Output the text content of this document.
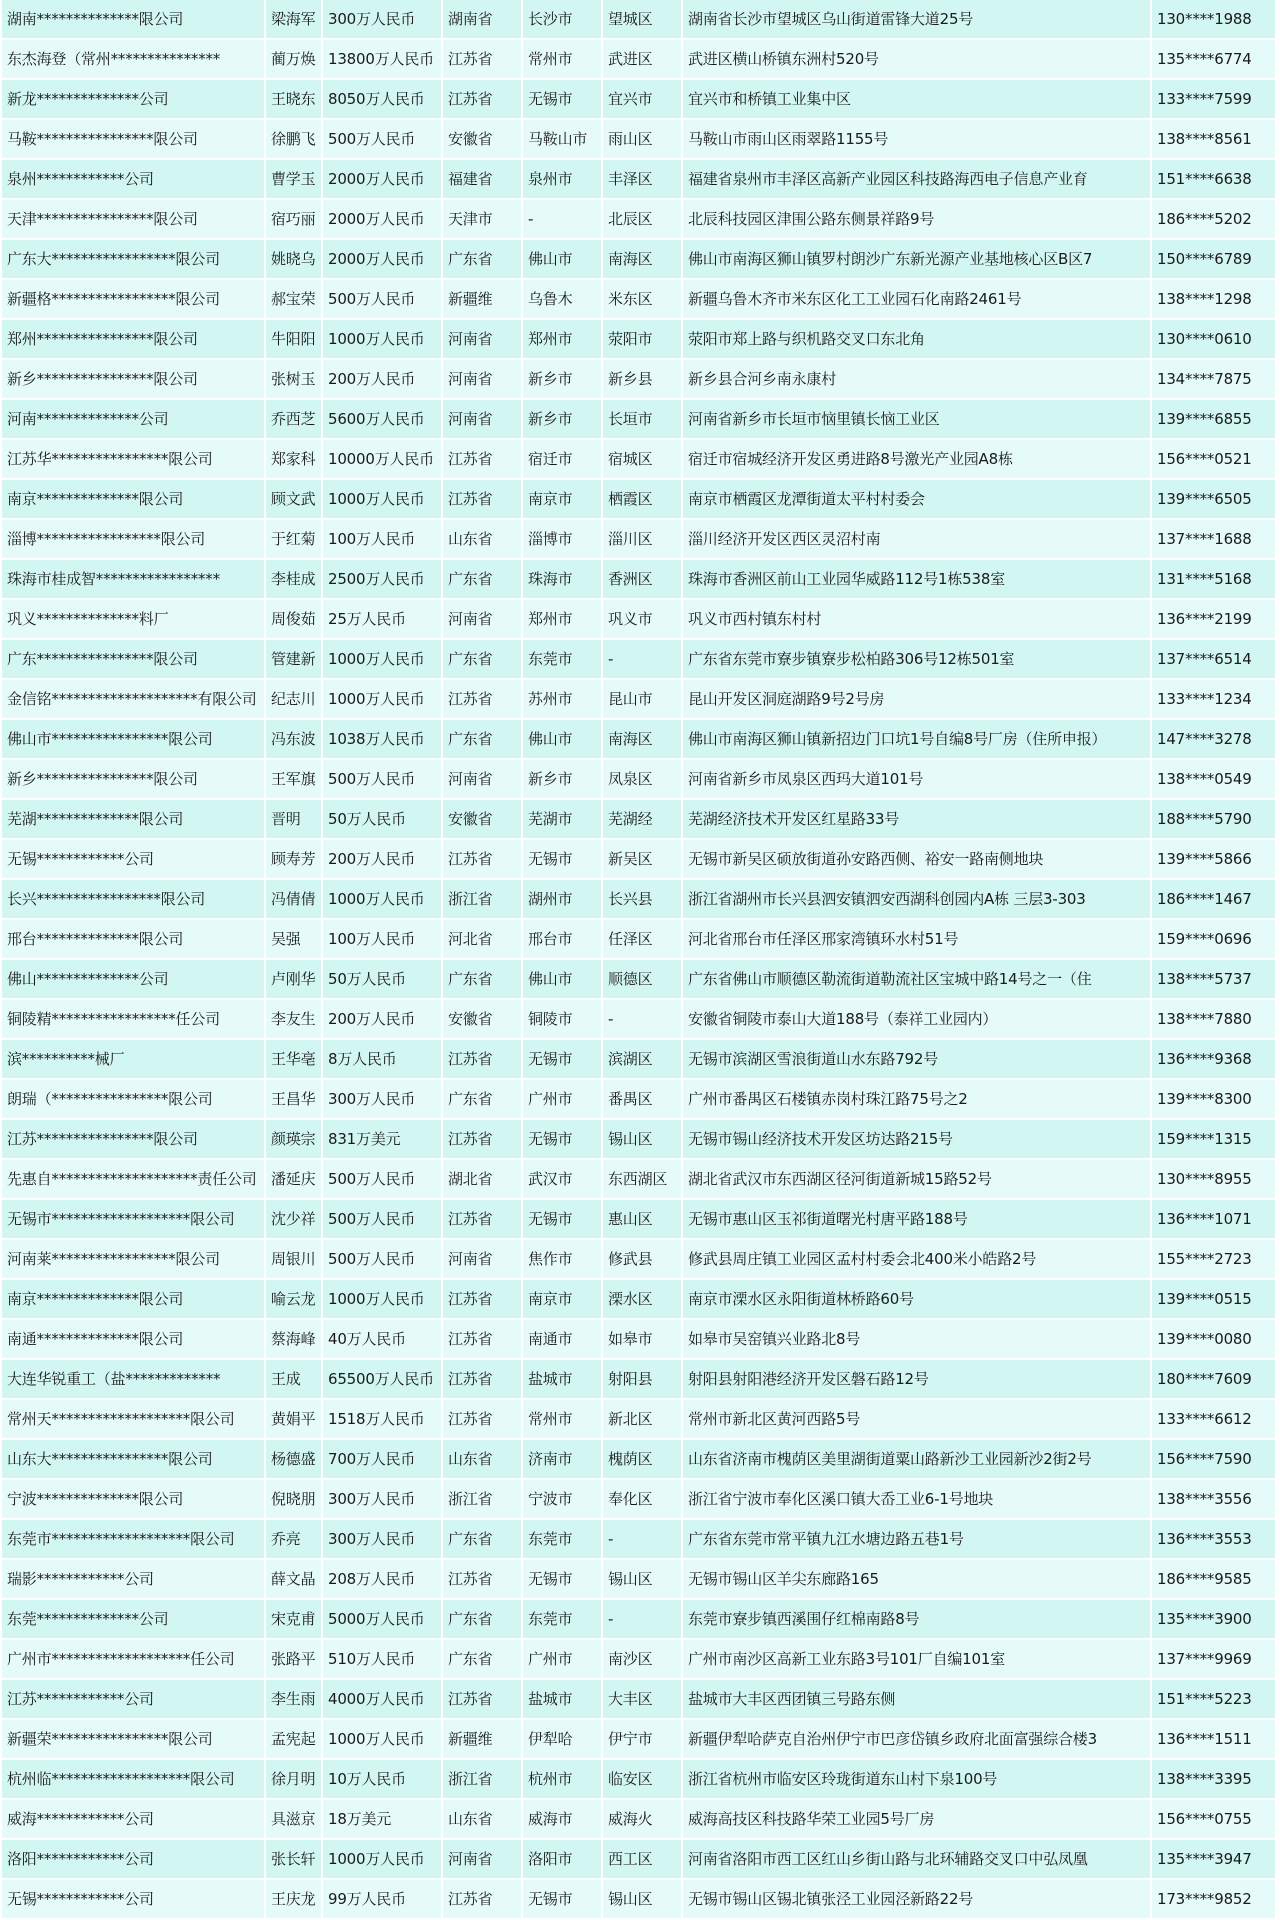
湖南**************限公司	梁海军	300万人民币	湖南省	长沙市	望城区	湖南省长沙市望城区乌山街道雷锋大道25号	130****1988
东杰海登（常州***************	蔺万焕	13800万人民币	江苏省	常州市	武进区	武进区横山桥镇东洲村520号	135****6774
新龙**************公司	王晓东	8050万人民币	江苏省	无锡市	宜兴市	宜兴市和桥镇工业集中区	133****7599
马鞍****************限公司	徐鹏飞	500万人民币	安徽省	马鞍山市	雨山区	马鞍山市雨山区雨翠路1155号	138****8561
泉州************公司	曹学玉	2000万人民币	福建省	泉州市	丰泽区	福建省泉州市丰泽区高新产业园区科技路海西电子信息产业育	151****6638
天津****************限公司	宿巧丽	2000万人民币	天津市	-	北辰区	北辰科技园区津围公路东侧景祥路9号	186****5202
广东大*****************限公司	姚晓乌	2000万人民币	广东省	佛山市	南海区	佛山市南海区狮山镇罗村朗沙广东新光源产业基地核心区B区7	150****6789
新疆格*****************限公司	郝宝荣	500万人民币	新疆维	乌鲁木	米东区	新疆乌鲁木齐市米东区化工工业园石化南路2461号	138****1298
郑州****************限公司	牛阳阳	1000万人民币	河南省	郑州市	荥阳市	荥阳市郑上路与织机路交叉口东北角	130****0610
新乡****************限公司	张树玉	200万人民币	河南省	新乡市	新乡县	新乡县合河乡南永康村	134****7875
河南**************公司	乔西芝	5600万人民币	河南省	新乡市	长垣市	河南省新乡市长垣市恼里镇长恼工业区	139****6855
江苏华****************限公司	郑家科	10000万人民币	江苏省	宿迁市	宿城区	宿迁市宿城经济开发区勇进路8号激光产业园A8栋	156****0521
南京**************限公司	顾文武	1000万人民币	江苏省	南京市	栖霞区	南京市栖霞区龙潭街道太平村村委会	139****6505
淄博*****************限公司	于红菊	100万人民币	山东省	淄博市	淄川区	淄川经济开发区西区灵沼村南	137****1688
珠海市桂成智*****************	李桂成	2500万人民币	广东省	珠海市	香洲区	珠海市香洲区前山工业园华威路112号1栋538室	131****5168
巩义**************料厂	周俊茹	25万人民币	河南省	郑州市	巩义市	巩义市西村镇东村村	136****2199
广东****************限公司	管建新	1000万人民币	广东省	东莞市	-	广东省东莞市寮步镇寮步松柏路306号12栋501室	137****6514
金信铭********************有限公司	纪志川	1000万人民币	江苏省	苏州市	昆山市	昆山开发区洞庭湖路9号2号房	133****1234
佛山市****************限公司	冯东波	1038万人民币	广东省	佛山市	南海区	佛山市南海区狮山镇新招边门口坑1号自编8号厂房（住所申报）	147****3278
新乡****************限公司	王军旗	500万人民币	河南省	新乡市	凤泉区	河南省新乡市凤泉区西玛大道101号	138****0549
芜湖**************限公司	晋明	50万人民币	安徽省	芜湖市	芜湖经	芜湖经济技术开发区红星路33号	188****5790
无锡************公司	顾寿芳	200万人民币	江苏省	无锡市	新吴区	无锡市新吴区硕放街道孙安路西侧、裕安一路南侧地块	139****5866
长兴*****************限公司	冯倩倩	1000万人民币	浙江省	湖州市	长兴县	浙江省湖州市长兴县泗安镇泗安西湖科创园内A栋 三层3-303	186****1467
邢台**************限公司	吴强	100万人民币	河北省	邢台市	任泽区	河北省邢台市任泽区邢家湾镇环水村51号	159****0696
佛山**************公司	卢刚华	50万人民币	广东省	佛山市	顺德区	广东省佛山市顺德区勒流街道勒流社区宝城中路14号之一（住	138****5737
铜陵精*****************任公司	李友生	200万人民币	安徽省	铜陵市	-	安徽省铜陵市泰山大道188号（泰祥工业园内）	138****7880
滨**********械厂	王华亳	8万人民币	江苏省	无锡市	滨湖区	无锡市滨湖区雪浪街道山水东路792号	136****9368
朗瑞（****************限公司	王昌华	300万人民币	广东省	广州市	番禺区	广州市番禺区石楼镇赤岗村珠江路75号之2	139****8300
江苏****************限公司	颜瑛宗	831万美元	江苏省	无锡市	锡山区	无锡市锡山经济技术开发区坊达路215号	159****1315
先惠自********************责任公司	潘延庆	500万人民币	湖北省	武汉市	东西湖区	湖北省武汉市东西湖区径河街道新城15路52号	130****8955
无锡市*******************限公司	沈少祥	500万人民币	江苏省	无锡市	惠山区	无锡市惠山区玉祁街道曙光村唐平路188号	136****1071
河南莱*****************限公司	周银川	500万人民币	河南省	焦作市	修武县	修武县周庄镇工业园区孟村村委会北400米小皓路2号	155****2723
南京**************限公司	喻云龙	1000万人民币	江苏省	南京市	溧水区	南京市溧水区永阳街道林桥路60号	139****0515
南通**************限公司	蔡海峰	40万人民币	江苏省	南通市	如皋市	如皋市吴窑镇兴业路北8号	139****0080
大连华锐重工（盐*************	王成	65500万人民币	江苏省	盐城市	射阳县	射阳县射阳港经济开发区磐石路12号	180****7609
常州天*******************限公司	黄娟平	1518万人民币	江苏省	常州市	新北区	常州市新北区黄河西路5号	133****6612
山东大****************限公司	杨德盛	700万人民币	山东省	济南市	槐荫区	山东省济南市槐荫区美里湖街道粟山路新沙工业园新沙2街2号	156****7590
宁波**************限公司	倪晓朋	300万人民币	浙江省	宁波市	奉化区	浙江省宁波市奉化区溪口镇大岙工业6-1号地块	138****3556
东莞市*******************限公司	乔亮	300万人民币	广东省	东莞市	-	广东省东莞市常平镇九江水塘边路五巷1号	136****3553
瑞影************公司	薛文晶	208万人民币	江苏省	无锡市	锡山区	无锡市锡山区羊尖东廊路165	186****9585
东莞**************公司	宋克甫	5000万人民币	广东省	东莞市	-	东莞市寮步镇西溪围仔红棉南路8号	135****3900
广州市*******************任公司	张路平	510万人民币	广东省	广州市	南沙区	广州市南沙区高新工业东路3号101厂自编101室	137****9969
江苏************公司	李生雨	4000万人民币	江苏省	盐城市	大丰区	盐城市大丰区西团镇三号路东侧	151****5223
新疆荣****************限公司	孟宪起	1000万人民币	新疆维	伊犁哈	伊宁市	新疆伊犁哈萨克自治州伊宁市巴彦岱镇乡政府北面富强综合楼3	136****1511
杭州临*******************限公司	徐月明	10万人民币	浙江省	杭州市	临安区	浙江省杭州市临安区玲珑街道东山村下泉100号	138****3395
威海************公司	具滋京	18万美元	山东省	威海市	威海火	威海高技区科技路华荣工业园5号厂房	156****0755
洛阳************公司	张长轩	1000万人民币	河南省	洛阳市	西工区	河南省洛阳市西工区红山乡街山路与北环辅路交叉口中弘凤凰	135****3947
无锡************公司	王庆龙	99万人民币	江苏省	无锡市	锡山区	无锡市锡山区锡北镇张泾工业园泾新路22号	173****9852
